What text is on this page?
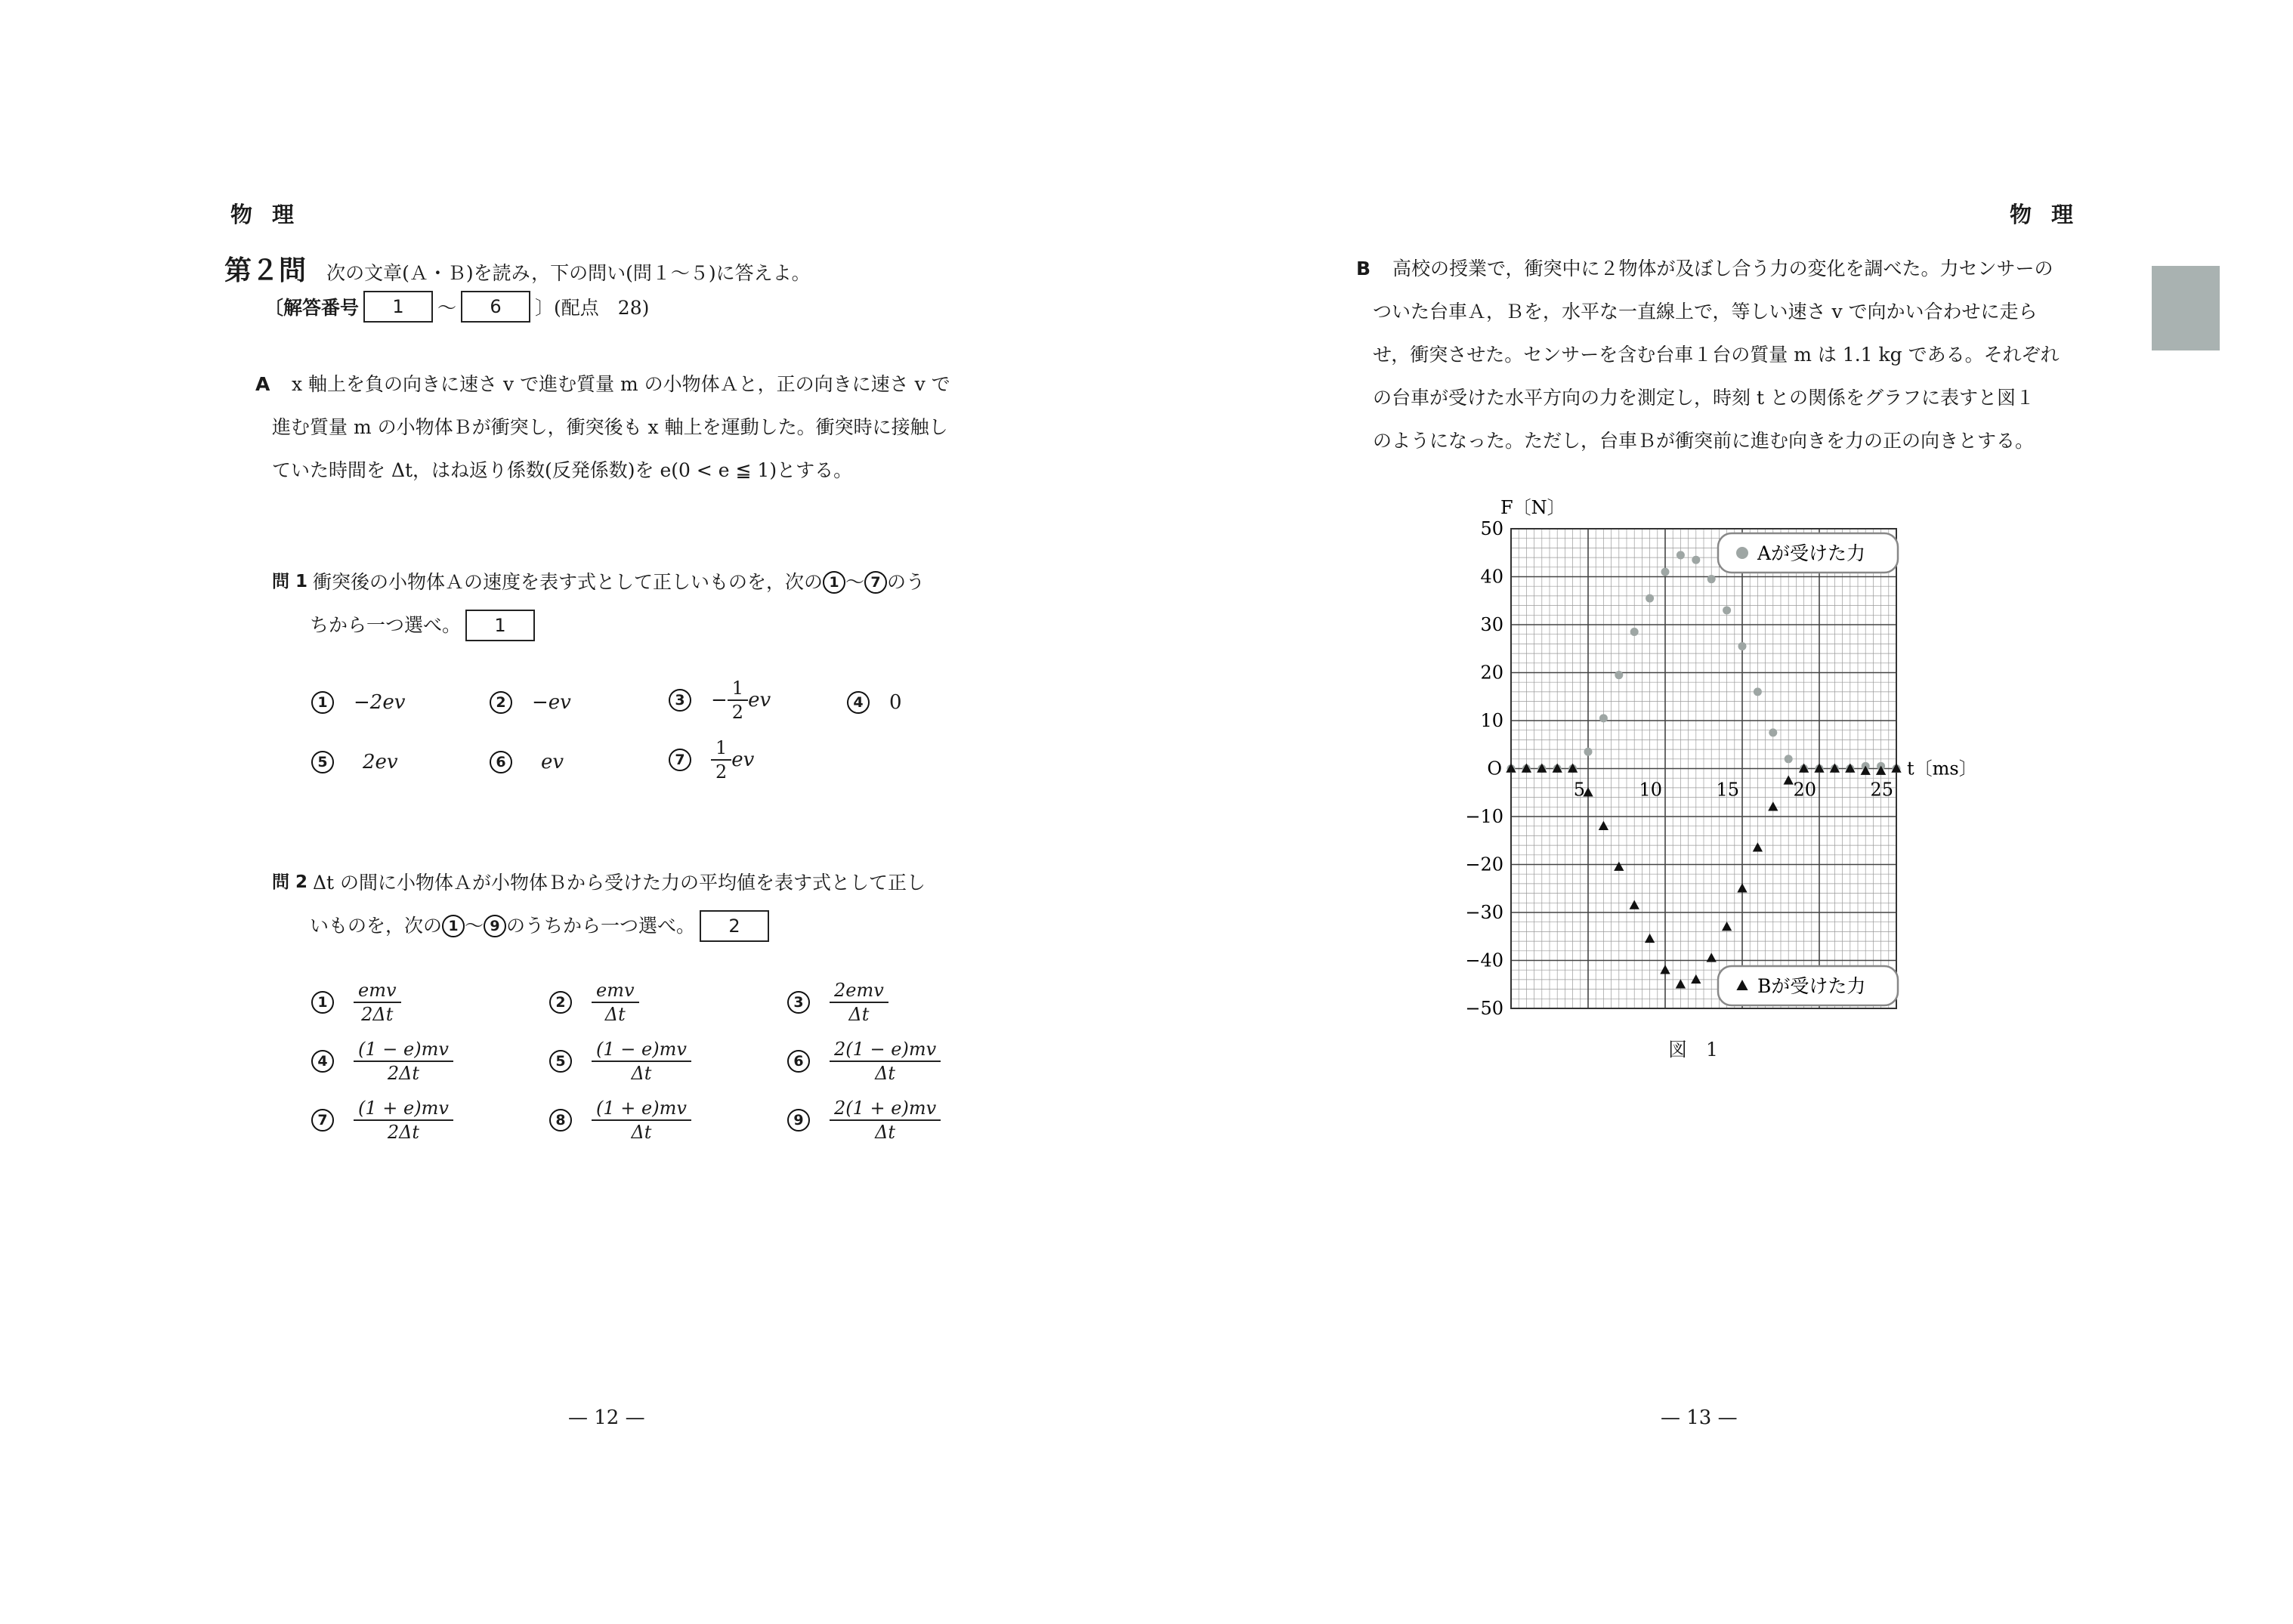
物理
第２問 次の文章(Ａ・Ｂ)を読み，下の問い(問１～５)に答えよ。
〔解答番号	1	～	6	〕(配点　28)
A x 軸上を負の向きに速さ v で進む質量 m の小物体Ａと，正の向きに速さ v で
進む質量 m の小物体Ｂが衝突し，衝突後も x 軸上を運動した。衝突時に接触し
ていた時間を Δt，はね返り係数(反発係数)を e(0 < e ≦ 1)とする。
問 1 衝突後の小物体Ａの速度を表す式として正しいものを，次の 1 ～ 7 のう
ちから一つ選べ。	1
1	−2ev	2	−ev	3	− $\frac{1}{2}$ ev	4	0
5	2ev	6	ev	7	$\frac{1}{2}$ ev
問 2 Δt の間に小物体Ａが小物体Ｂから受けた力の平均値を表す式として正し
いものを，次の 1 ～ 9 のうちから一つ選べ。	2
1	$\frac{\text{emv}}{2\Delta t}$	2	$\frac{\text{emv}}{\Delta t}$	3	$\frac{\text{2emv}}{\Delta t}$
4	$\frac{(1 - e)mv}{2\Delta t}$	5	$\frac{(1 - e)mv}{\Delta t}$	6	$\frac{2(1 - e)mv}{\Delta t}$
7	$\frac{(1 + e)mv}{2\Delta t}$	8	$\frac{(1 + e)mv}{\Delta t}$	9	$\frac{2(1 + e)mv}{\Delta t}$
— 12 —
物理
B 高校の授業で，衝突中に２物体が及ぼし合う力の変化を調べた。力センサーの
ついた台車Ａ，Ｂを，水平な一直線上で，等しい速さ v で向かい合わせに走ら
せ，衝突させた。センサーを含む台車１台の質量 m は 1.1 kg である。それぞれ
の台車が受けた水平方向の力を測定し，時刻 t との関係をグラフに表すと図１
のようになった。ただし，台車Ｂが衝突前に進む向きを力の正の向きとする。
50
40
30
20
10
−10
−20
−30
−40
−50
5	10	15	20	25
O
F〔N〕
t〔ms〕
Aが受けた力
Bが受けた力
図　1
— 13 —
